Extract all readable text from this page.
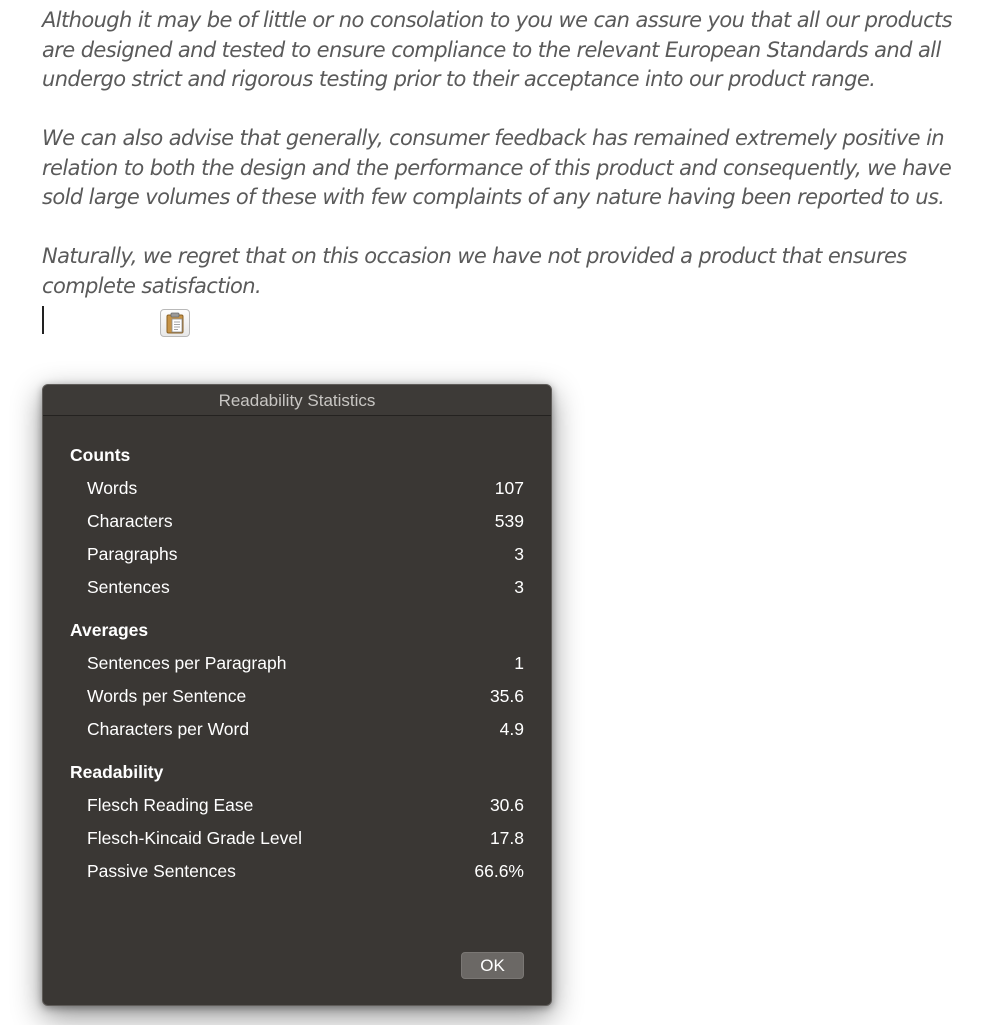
Although it may be of little or no consolation to you we can assure you that all our products are designed and tested to ensure compliance to the relevant European Standards and all undergo strict and rigorous testing prior to their acceptance into our product range.

We can also advise that generally, consumer feedback has remained extremely positive in relation to both the design and the performance of this product and consequently, we have sold large volumes of these with few complaints of any nature having been reported to us.

Naturally, we regret that on this occasion we have not provided a product that ensures complete satisfaction.

Readability Statistics
Counts
Words	107
Characters	539
Paragraphs	3
Sentences	3
Averages
Sentences per Paragraph	1
Words per Sentence	35.6
Characters per Word	4.9
Readability
Flesch Reading Ease	30.6
Flesch-Kincaid Grade Level	17.8
Passive Sentences	66.6%
OK
